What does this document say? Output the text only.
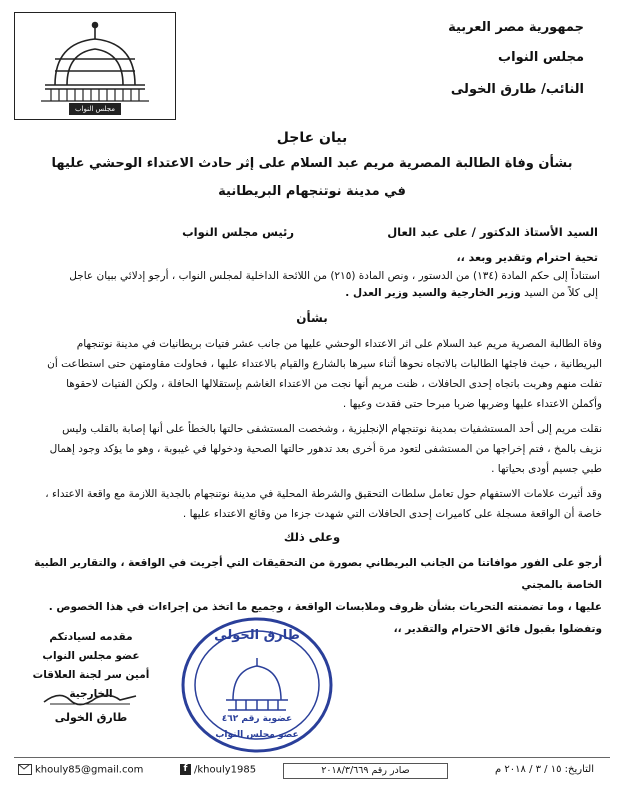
مجلس النواب
جمهورية مصر العربية
مجلس النواب
النائب/ طارق الخولى
بيان عاجل
بشأن وفاة الطالبة المصرية مريم عبد السلام على إثر حادث الاعتداء الوحشي عليها
في مدينة نوتنجهام البريطانية
السيد الأستاذ الدكتور / على عبد العال
رئيس مجلس النواب
تحية احترام وتقدير وبعد ،،
استناداً إلى حكم المادة (١٣٤) من الدستور ، ونص المادة (٢١٥) من اللائحة الداخلية لمجلس النواب ، أرجو إدلائي ببيان عاجل
إلى كلاً من السيد وزير الخارجية والسيد وزير العدل .
بشأن
وفاة الطالبة المصرية مريم عبد السلام على اثر الاعتداء الوحشي عليها من جانب عشر فتيات بريطانيات في مدينة نوتنجهام
البريطانية ، حيث فاجئها الطالبات بالاتجاه نحوها أثناء سيرها بالشارع والقيام بالاعتداء عليها ، فحاولت مقاومتهن حتى استطاعت أن
تفلت منهم وهربت باتجاه إحدى الحافلات ، ظنت مريم أنها نجت من الاعتداء الغاشم بإستقلالها الحافلة ، ولكن الفتيات لاحقوها
وأكملن الاعتداء عليها وضربها ضربا مبرحا حتى فقدت وعيها .
نقلت مريم إلى أحد المستشفيات بمدينة نوتنجهام الإنجليزية ، وشخصت المستشفى حالتها بالخطأ على أنها إصابة بالقلب وليس
نزيف بالمخ ، فتم إخراجها من المستشفى لتعود مرة أخرى بعد تدهور حالتها الصحية ودخولها في غيبوبة ، وهو ما يؤكد وجود إهمال
طبي جسيم أودى بحياتها .
وقد أثيرت علامات الاستفهام حول تعامل سلطات التحقيق والشرطة المحلية في مدينة نوتنجهام بالجدية اللازمة مع واقعة الاعتداء ،
خاصة أن الواقعة مسجلة على كاميرات إحدى الحافلات التي شهدت جزءا من وقائع الاعتداء عليها .
وعلى ذلك
أرجو على الفور موافاتنا من الجانب البريطاني بصورة من التحقيقات التي أجريت في الواقعة ، والتقارير الطبية الخاصة بالمجني
عليها ، وما تضمنته التحريات بشأن ظروف وملابسات الواقعة ، وجميع ما اتخذ من إجراءات في هذا الخصوص .
وتفضلوا بقبول فائق الاحترام والتقدير ،،
مقدمه لسيادتكم
عضو مجلس النواب
أمين سر لجنة العلاقات الخارجية
طارق الخولى
طارق الخولي
عضوية رقم ٤٦٢
عضو مجلس النواب
khouly85@gmail.com	f /khouly1985	صادر رقم ٢٠١٨/٣/٦٦٩	التاريخ: ١٥ / ٣ / ٢٠١٨ م
